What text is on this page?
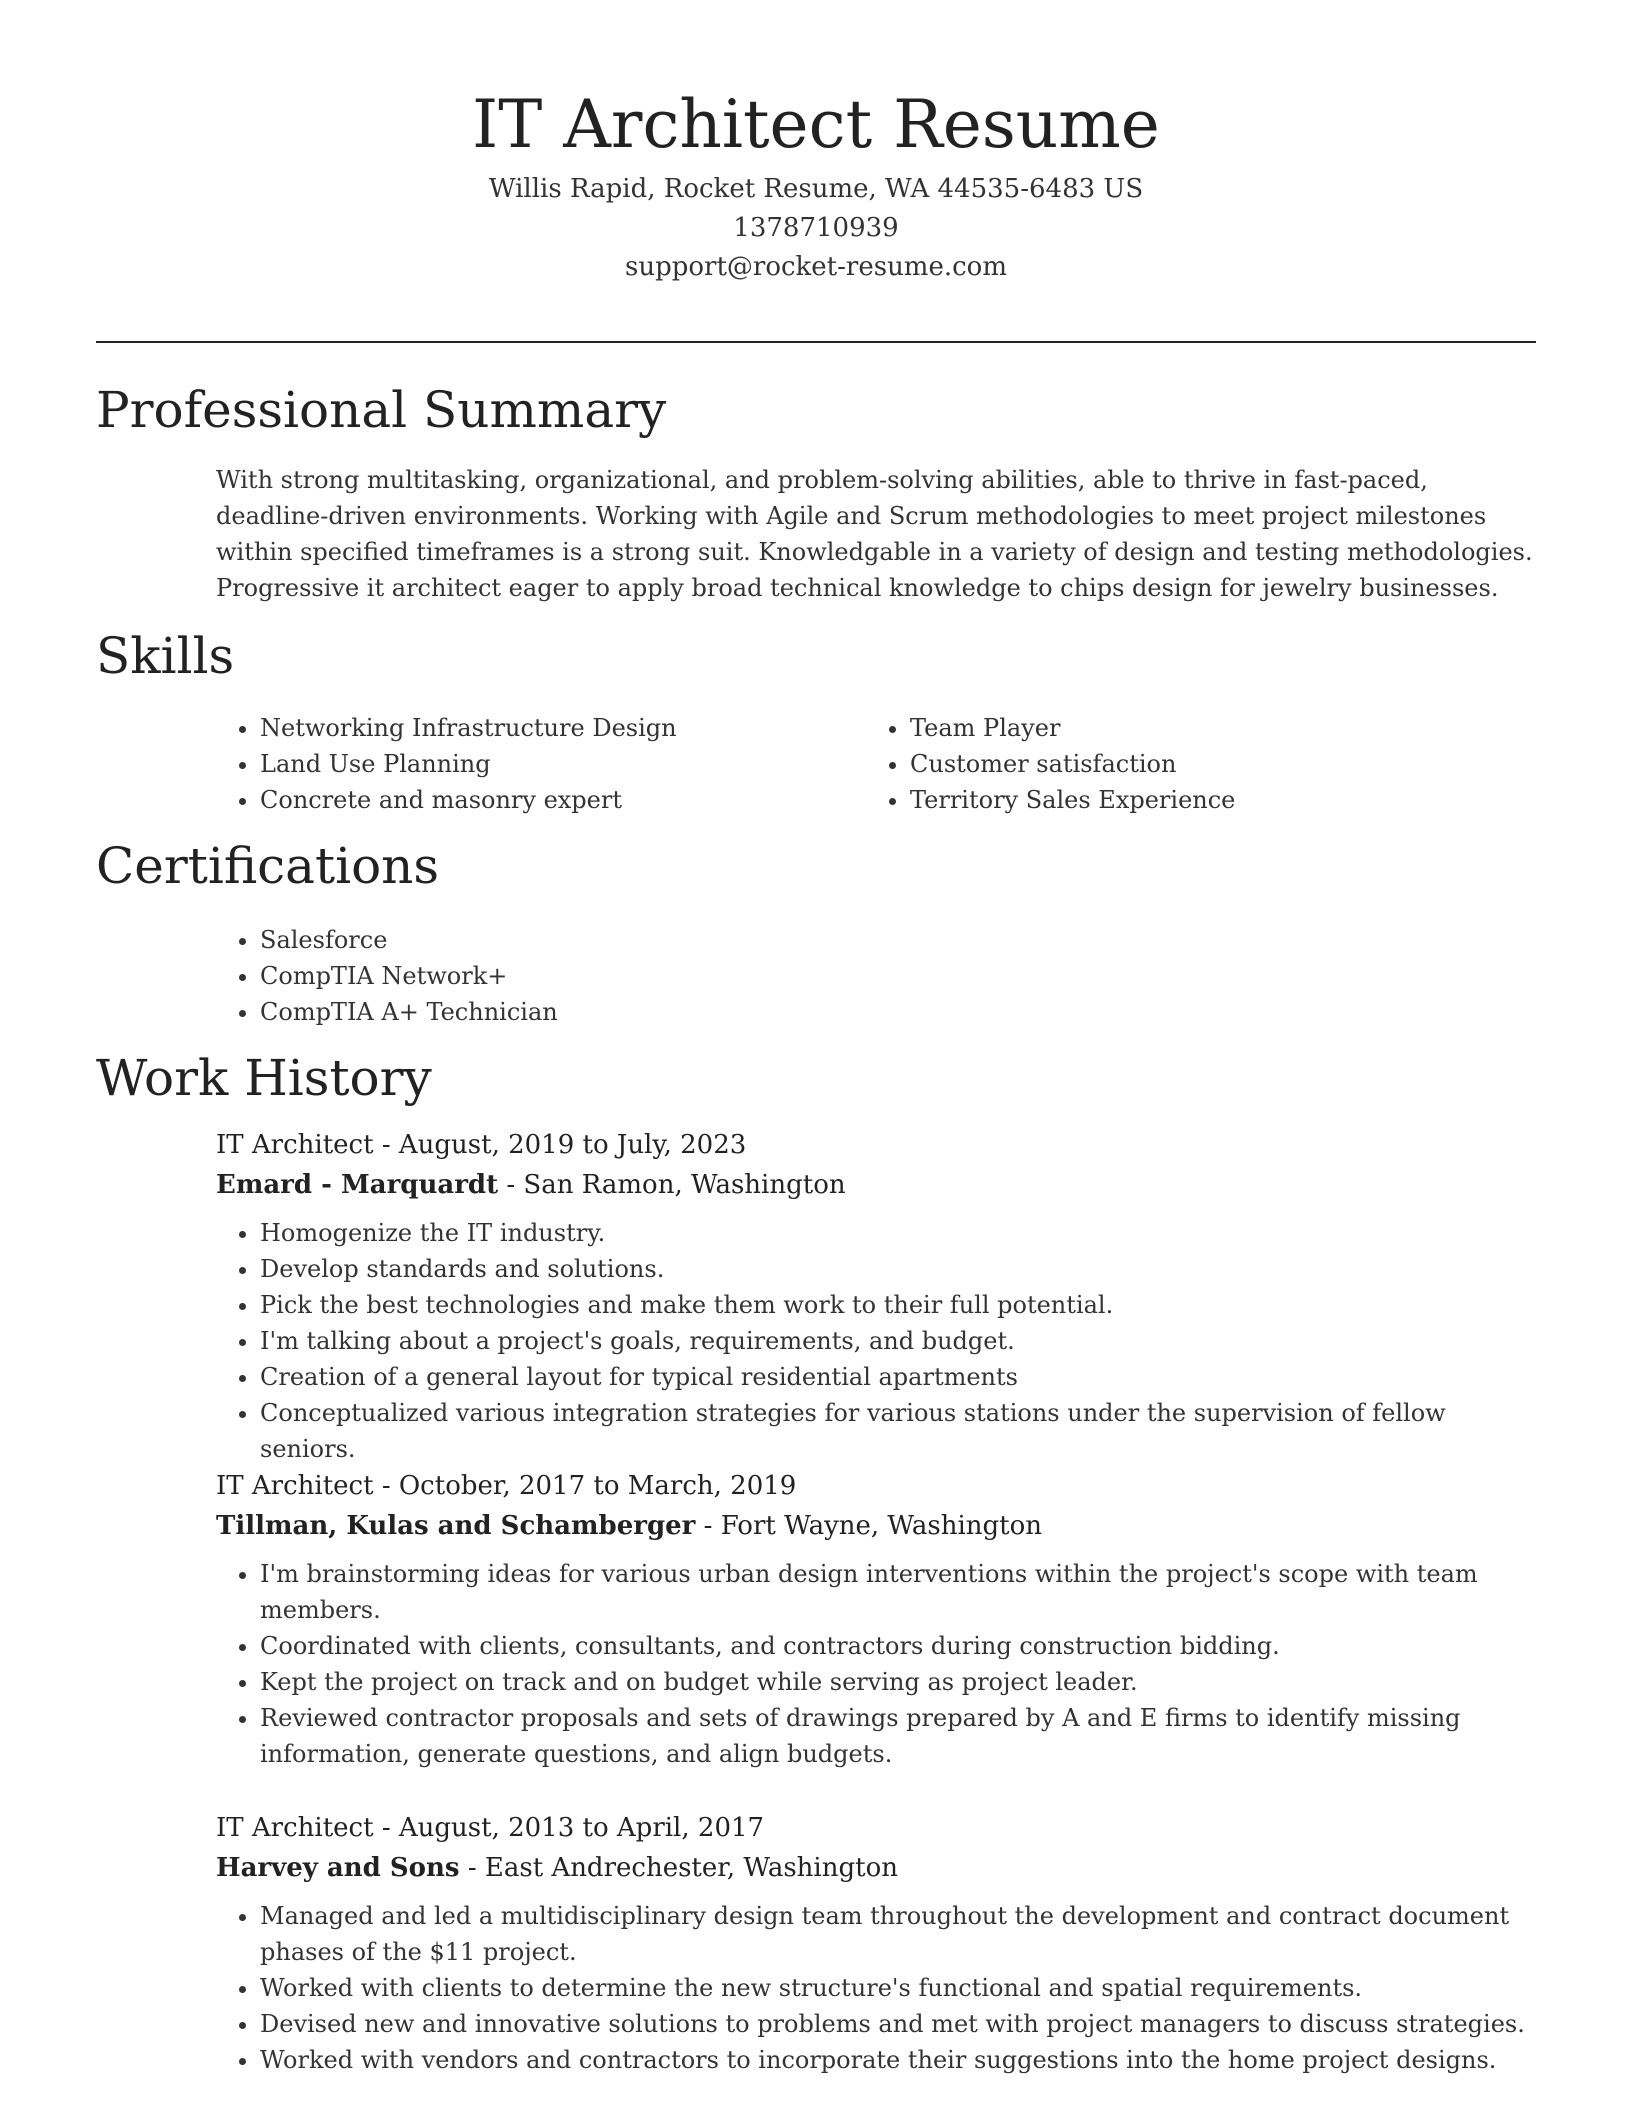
IT Architect Resume
Willis Rapid, Rocket Resume, WA 44535-6483 US
1378710939
support@rocket-resume.com
Professional Summary

With strong multitasking, organizational, and problem-solving abilities, able to thrive in fast-paced, deadline-driven environments. Working with Agile and Scrum methodologies to meet project milestones within specified timeframes is a strong suit. Knowledgable in a variety of design and testing methodologies. Progressive it architect eager to apply broad technical knowledge to chips design for jewelry businesses.

Skills
• Networking Infrastructure Design
• Land Use Planning
• Concrete and masonry expert
• Team Player
• Customer satisfaction
• Territory Sales Experience
Certifications
• Salesforce
• CompTIA Network+
• CompTIA A+ Technician
Work History
IT Architect - August, 2019 to July, 2023
Emard - Marquardt - San Ramon, Washington
• Homogenize the IT industry.
• Develop standards and solutions.
• Pick the best technologies and make them work to their full potential.
• I'm talking about a project's goals, requirements, and budget.
• Creation of a general layout for typical residential apartments
• Conceptualized various integration strategies for various stations under the supervision of fellow seniors.
IT Architect - October, 2017 to March, 2019
Tillman, Kulas and Schamberger - Fort Wayne, Washington
• I'm brainstorming ideas for various urban design interventions within the project's scope with team members.
• Coordinated with clients, consultants, and contractors during construction bidding.
• Kept the project on track and on budget while serving as project leader.
• Reviewed contractor proposals and sets of drawings prepared by A and E firms to identify missing information, generate questions, and align budgets.
IT Architect - August, 2013 to April, 2017
Harvey and Sons - East Andrechester, Washington
• Managed and led a multidisciplinary design team throughout the development and contract document phases of the $11 project.
• Worked with clients to determine the new structure's functional and spatial requirements.
• Devised new and innovative solutions to problems and met with project managers to discuss strategies.
• Worked with vendors and contractors to incorporate their suggestions into the home project designs.
